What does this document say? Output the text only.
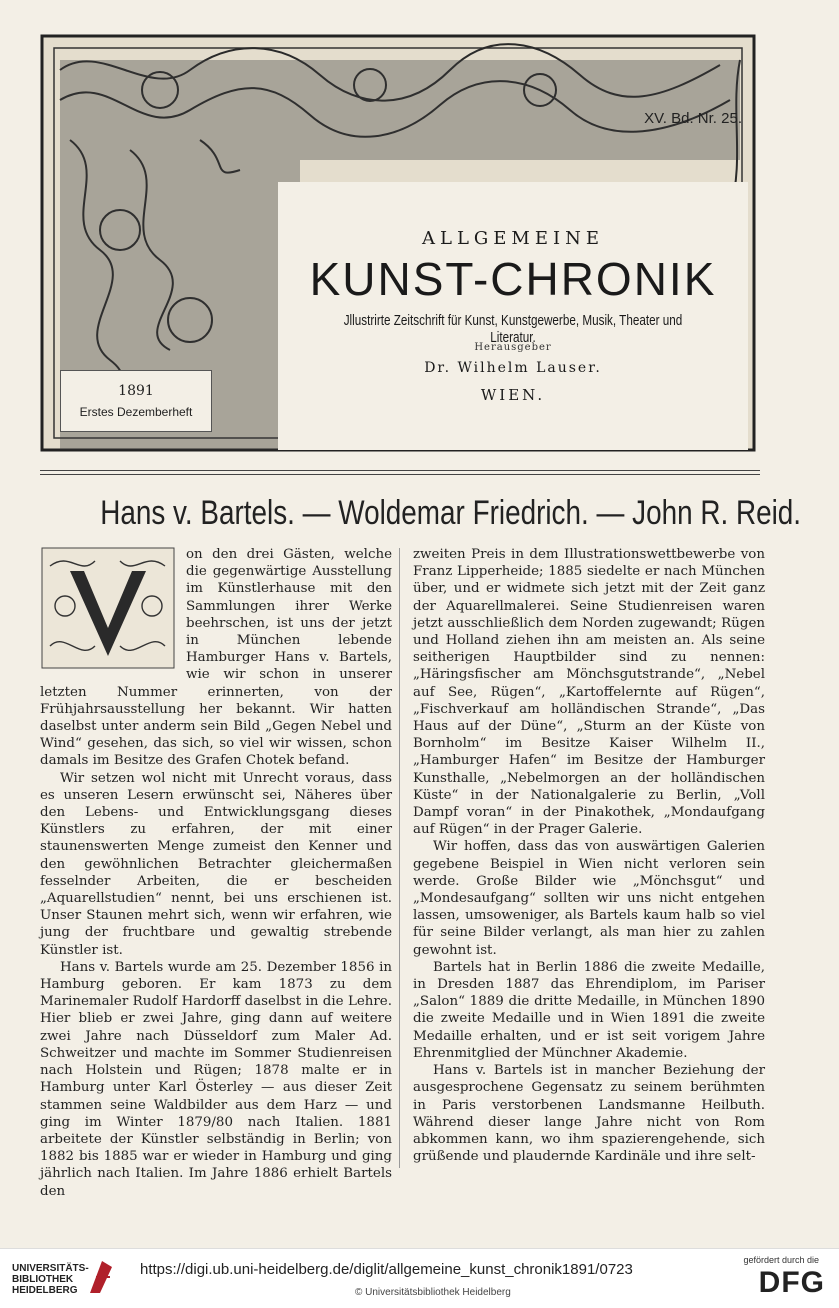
ALLGEMEINE
KUNST-CHRONIK
Jllustrirte Zeitschrift für Kunst, Kunstgewerbe, Musik, Theater und Literatur.
Herausgeber
Dr. Wilhelm Lauser.
WIEN.
XV. Bd. Nr. 25.
1891
Erstes Dezemberheft
Hans v. Bartels. — Woldemar Friedrich. — John R. Reid.

on den drei Gästen, welche die gegenwärtige Ausstellung im Künstlerhause mit den Sammlungen ihrer Werke beehrschen, ist uns der jetzt in München lebende Hamburger Hans v. Bartels, wie wir schon in unserer letzten Nummer erinnerten, von der Frühjahrsausstellung her bekannt. Wir hatten daselbst unter anderm sein Bild „Gegen Nebel und Wind“ gesehen, das sich, so viel wir wissen, schon damals im Besitze des Grafen Chotek befand.

Wir setzen wol nicht mit Unrecht voraus, dass es unseren Lesern erwünscht sei, Näheres über den Lebens- und Entwicklungsgang dieses Künstlers zu erfahren, der mit einer staunenswerten Menge zumeist den Kenner und den gewöhnlichen Betrachter gleichermaßen fesselnder Arbeiten, die er bescheiden „Aquarellstudien“ nennt, bei uns erschienen ist. Unser Staunen mehrt sich, wenn wir erfahren, wie jung der fruchtbare und gewaltig strebende Künstler ist.

Hans v. Bartels wurde am 25. Dezember 1856 in Hamburg geboren. Er kam 1873 zu dem Marinemaler Rudolf Hardorff daselbst in die Lehre. Hier blieb er zwei Jahre, ging dann auf weitere zwei Jahre nach Düsseldorf zum Maler Ad. Schweitzer und machte im Sommer Studienreisen nach Holstein und Rügen; 1878 malte er in Hamburg unter Karl Österley — aus dieser Zeit stammen seine Waldbilder aus dem Harz — und ging im Winter 1879/80 nach Italien. 1881 arbeitete der Künstler selbständig in Berlin; von 1882 bis 1885 war er wieder in Hamburg und ging jährlich nach Italien. Im Jahre 1886 erhielt Bartels den

zweiten Preis in dem Illustrationswettbewerbe von Franz Lipperheide; 1885 siedelte er nach München über, und er widmete sich jetzt mit der Zeit ganz der Aquarellmalerei. Seine Studienreisen waren jetzt ausschließlich dem Norden zugewandt; Rügen und Holland ziehen ihn am meisten an. Als seine seitherigen Hauptbilder sind zu nennen: „Häringsfischer am Mönchsgutstrande“, „Nebel auf See, Rügen“, „Kartoffelernte auf Rügen“, „Fischverkauf am holländischen Strande“, „Das Haus auf der Düne“, „Sturm an der Küste von Bornholm“ im Besitze Kaiser Wilhelm II., „Hamburger Hafen“ im Besitze der Hamburger Kunsthalle, „Nebelmorgen an der holländischen Küste“ in der Nationalgalerie zu Berlin, „Voll Dampf voran“ in der Pinakothek, „Mondaufgang auf Rügen“ in der Prager Galerie.

Wir hoffen, dass das von auswärtigen Galerien gegebene Beispiel in Wien nicht verloren sein werde. Große Bilder wie „Mönchsgut“ und „Mondesaufgang“ sollten wir uns nicht entgehen lassen, umsoweniger, als Bartels kaum halb so viel für seine Bilder verlangt, als man hier zu zahlen gewohnt ist.

Bartels hat in Berlin 1886 die zweite Medaille, in Dresden 1887 das Ehrendiplom, im Pariser „Salon“ 1889 die dritte Medaille, in München 1890 die zweite Medaille und in Wien 1891 die zweite Medaille erhalten, und er ist seit vorigem Jahre Ehrenmitglied der Münchner Akademie.

Hans v. Bartels ist in mancher Beziehung der ausgesprochene Gegensatz zu seinem berühmten in Paris verstorbenen Landsmanne Heilbuth. Während dieser lange Jahre nicht von Rom abkommen kann, wo ihm spazierengehende, sich grüßende und plaudernde Kardinäle und ihre selt-

UNIVERSITÄTS-
BIBLIOTHEK
HEIDELBERG
https://digi.ub.uni-heidelberg.de/diglit/allgemeine_kunst_chronik1891/0723
© Universitätsbibliothek Heidelberg
gefördert durch die
DFG
